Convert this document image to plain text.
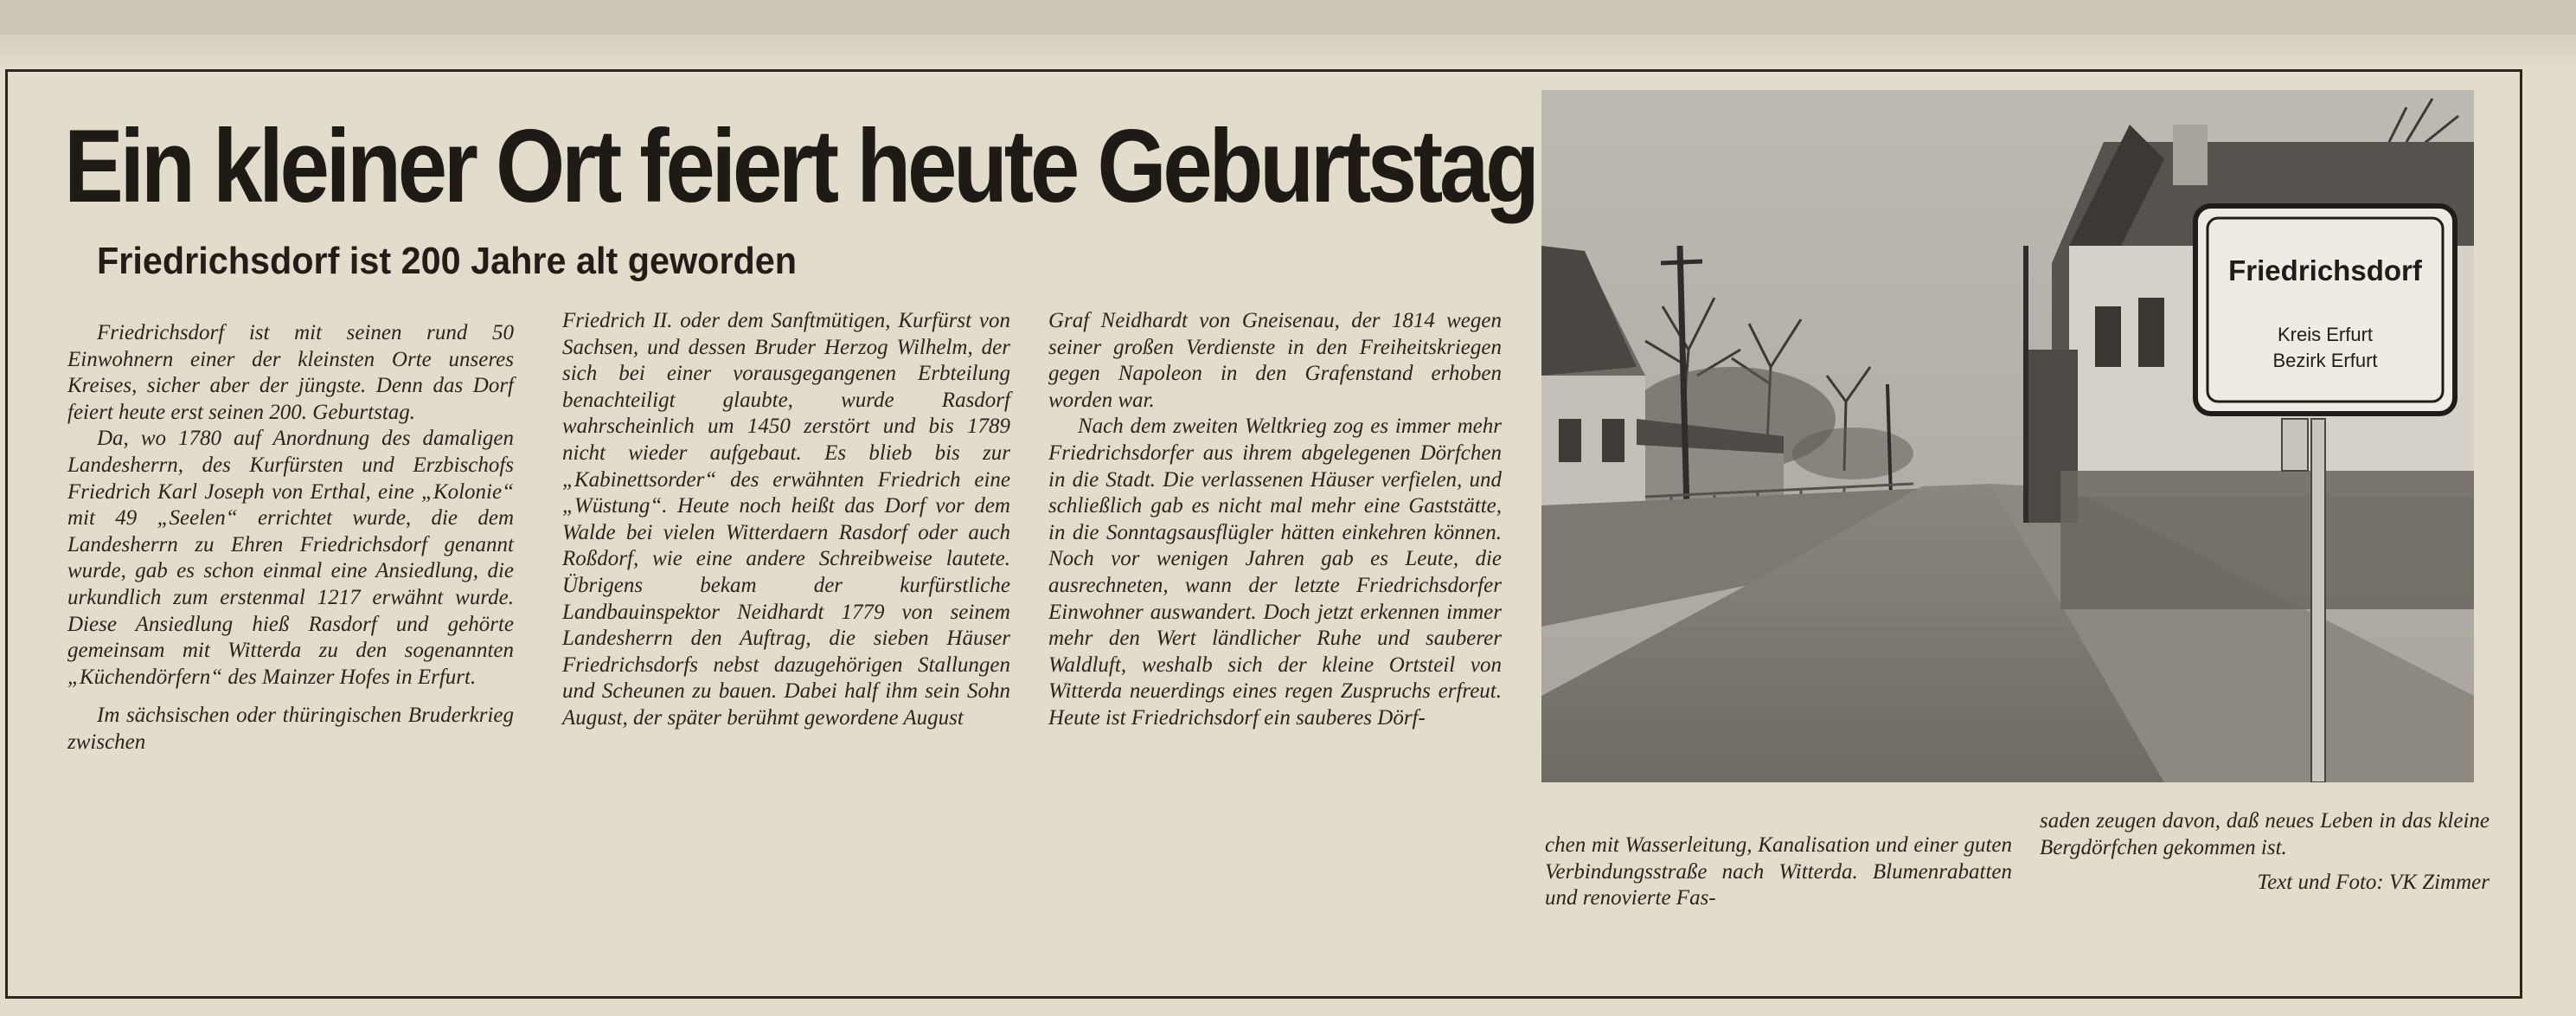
Ein kleiner Ort feiert heute Geburtstag
Friedrichsdorf ist 200 Jahre alt geworden

Friedrichsdorf ist mit seinen rund 50 Einwohnern einer der kleinsten Orte unseres Kreises, sicher aber der jüngste. Denn das Dorf feiert heute erst seinen 200. Geburtstag.

Da, wo 1780 auf Anordnung des damaligen Landesherrn, des Kurfürsten und Erzbischofs Friedrich Karl Joseph von Erthal, eine „Kolonie“ mit 49 „Seelen“ errichtet wurde, die dem Landesherrn zu Ehren Friedrichsdorf genannt wurde, gab es schon einmal eine Ansiedlung, die urkundlich zum erstenmal 1217 erwähnt wurde. Diese Ansiedlung hieß Rasdorf und gehörte gemeinsam mit Witterda zu den sogenannten „Küchendörfern“ des Mainzer Hofes in Erfurt.

Im sächsischen oder thüringischen Bruderkrieg zwischen

Friedrich II. oder dem Sanftmütigen, Kurfürst von Sachsen, und dessen Bruder Herzog Wilhelm, der sich bei einer vorausgegangenen Erbteilung benachteiligt glaubte, wurde Rasdorf wahrscheinlich um 1450 zerstört und bis 1789 nicht wieder aufgebaut. Es blieb bis zur „Kabinettsorder“ des erwähnten Friedrich eine „Wüstung“. Heute noch heißt das Dorf vor dem Walde bei vielen Witterdaern Rasdorf oder auch Roßdorf, wie eine andere Schreibweise lautete. Übrigens bekam der kurfürstliche Landbauinspektor Neidhardt 1779 von seinem Landesherrn den Auftrag, die sieben Häuser Friedrichsdorfs nebst dazugehörigen Stallungen und Scheunen zu bauen. Dabei half ihm sein Sohn August, der später berühmt gewordene August

Graf Neidhardt von Gneisenau, der 1814 wegen seiner großen Verdienste in den Freiheitskriegen gegen Napoleon in den Grafenstand erhoben worden war.

Nach dem zweiten Weltkrieg zog es immer mehr Friedrichsdorfer aus ihrem abgelegenen Dörfchen in die Stadt. Die verlassenen Häuser verfielen, und schließlich gab es nicht mal mehr eine Gaststätte, in die Sonntagsausflügler hätten einkehren können. Noch vor wenigen Jahren gab es Leute, die ausrechneten, wann der letzte Friedrichsdorfer Einwohner auswandert. Doch jetzt erkennen immer mehr den Wert ländlicher Ruhe und sauberer Waldluft, weshalb sich der kleine Ortsteil von Witterda neuerdings eines regen Zuspruchs erfreut. Heute ist Friedrichsdorf ein sauberes Dörf-

chen mit Wasserleitung, Kanalisation und einer guten Verbindungsstraße nach Witterda. Blumenrabatten und renovierte Fas-

saden zeugen davon, daß neues Leben in das kleine Bergdörfchen gekommen ist.

Text und Foto: VK Zimmer

Friedrichsdorf
Kreis Erfurt
Bezirk Erfurt
